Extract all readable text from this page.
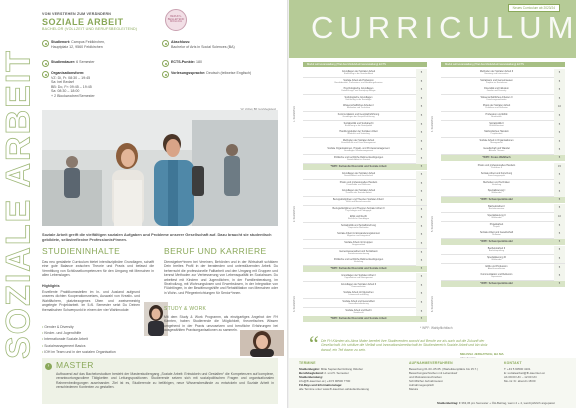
SOZIALE ARBEIT
VOM VERSTEHEN ZUM VERÄNDERN
SOZIALE ARBEIT
BACHELOR (VOLLZEIT UND BERUFSBEGLEITEND)
BERUFS-BEGLEITEND MÖGLICH
Studienort: Campus Feldkirchen, Hauptplatz 12, 9560 Feldkirchen
Studiendauer: 6 Semester
Organisationsform:
VZ: Di, Fr. 08:30 – 19:45
Sa: bei Bedarf
BB: Do, Fr: 09:45 – 19:45
Sa: 08:30 – 18:00
+ 2 Blockwochen/Semester
Abschluss:
Bachelor of Arts in Social Sciences (BA)
ECTS-Punkte: 180
Vorlesungssprache: Deutsch (teilweise Englisch)
VZ: Vollzeit, BB: berufsbegleitend
Soziale Arbeit greift die vielfältigen sozialen Aufgaben und Probleme unserer Gesellschaft auf. Dazu braucht sie studentisch gebildete, selbstreflexive Professionist*innen.
STUDIENINHALTE
Das neu gestaltete Curriculum bietet interdisziplinäre Grundlagen, schafft eine gute Balance zwischen Theorie und Praxis und befasst die Vermittlung von Schlüsselkompetenzen für den Umgang mit Menschen in allen Lebenslagen.
Highlights
Exzellente Praktikumsstellen im In- und Ausland aufgrund unseres dichten Kooperationsnetzes, Auswahl von Kreativ- und Wahlfächern, platzbezogenes Üben und zweisemestrig angelegte Projektarbeit. Im 5./6. Semester setzt Du Deinen thematischen Schwerpunkt in einem der vier Wahlmodule:
• Gender & Diversity
• Kinder- und Jugendhilfe
• Internationale Soziale Arbeit
• Sozialmanagement Basics
• IOH im Team und in der sozialen Organisation
BERUF UND KARRIERE
Dienstgeber*innen bei Vereinen, Behörden und in der Wirtschaft schätzen Dein breites Profil in der beratenden und unterstützenden Arbeit. Du beherrscht die professionelle Falltarbeit und den Umgang mit Gruppen und kennst Methoden zur Verbesserung von Lebensqualität im Sozialraum. Du arbeitest mit Kindern und Jugendlichen, in der Familienberatung, im Strafvollzug, mit Wohnungslosen und Erwerbslosen, in der Integration von Flüchtlingen, in der Bewährungshilfe und Rehabilitation von Menschen oder in Wohn- und Pflegeeinrichtungen für Senior*innen.
STUDY & WORK
Mit dem Study & Work Programm, als einzigartiges Angebot der FH Kärnten, haben Studierende die Möglichkeit, theoretisches Wissen umgehend in der Praxis umzusetzen und berufliche Erfahrungen bei ausgewählten Praxisorganisationen zu sammeln.
› MASTER
Aufbauend auf das Bachelorstudium besteht der Masterstudiengang „Soziale Arbeit: Entwickeln und Gestalten“ die Kompetenzen auf komplexe, verantwortungsvollere Tätigkeiten und Leitungspositionen. Studierende setzen sich mit sozialpolitischen Fragen und organisationalen Rahmenbedingungen auseinander. Ziel ist es, Studierende zu befähigen, neue Wissensbestände zu entwickeln und Soziale Arbeit in verschiedenen Kontexten zu gestalten.
Neues Curriculum ab 2023/24
CURRICULUM
Modul Lehrveranstaltung (Titel des Moduls/Lehrveranstaltung) ECTS	Modul Lehrveranstaltung (Titel des Moduls/Lehrveranstaltung) ECTS
Grundlagen der Sozialen Arbeit
Einführung in die Soziale Arbeit	5
Soziale Arbeit als Profession
Berufsidentität, Professions- und Handlungstheorien	5
Psychologische Grundlagen
Entwicklungs- und Sozialpsychologie	5
Soziologische Grundlagen
Einführung in die Soziologie	5
Wissenschaftliches Arbeiten I
Methoden und Techniken	5
Kommunikation und Gesprächsführung
Grundlagen der Gesprächsführung	5
Sozialpolitik und Sozialrecht
Einführung in die Sozialpolitik	5
Handlungsfelder der Sozialen Arbeit
Überblick und Vertiefung	5
Methoden der Sozialen Arbeit
Einzelfallhilfe und Case Management	5
Soziale Organisationen, Projekt- und Prozessmanagement
Grundlagen Sozialmanagement	5
Politische und rechtliche Rahmenbedingungen
Soziale Arbeit im Kontext	5
*WPF: Kulturelle Diversität und Soziale Arbeit	5
Grundlagen der Sozialen Arbeit
Soziale Arbeit und Gesellschaft	5
Praxis und professionelles Handeln
Praxisfelder und Reflexion	5
Grundlagen der Sozialen Arbeit
Theorien der Sozialen Arbeit	5
Bezugsdisziplinen und Theorien Sozialer Arbeit I
Ethik und Menschenrechte	5
Bezugsdisziplinen und Theorien Sozialer Arbeit II
Psychologie und Pädagogik	5
Ethik und Recht
Rechtliche Grundlagen	5
Sozialpolitik und Sozialforschung
Empirische Methoden	5
Soziale Arbeit im Einwanderungskontext
Migration und Integration	5
Soziale Arbeit mit Gruppen
Gruppenarbeit	5
Gemeinwesenarbeit und Sozialraum
Sozialraumorientierung	5
Politische und rechtliche Rahmenbedingungen
Vertiefung	5
*WPF: Kulturelle Diversität und Soziale Arbeit	5
Grundlagen der Sozialen Arbeit I
Organisation und Management	5
Grundlagen der Sozialen Arbeit II
Kommunikation	5
Soziale Arbeit mit Menschen
Lebenswelt und Alltag	5
Soziale Arbeit und Gesundheit
Gesundheitsförderung	5
Soziale Arbeit und Recht
Sozialrecht	5
*WPF: Kulturelle Diversität und Soziale Arbeit	5
Methoden der Sozialen Arbeit II
Beratung und Intervention	5
Sozialraum und Gemeinwesen
Projekte im Sozialraum	5
Diversität und Inklusion
Gender und Diversity	5
Wissenschaftliches Arbeiten II
Forschungsmethoden	5
Praxis der Sozialen Arbeit
Praktikum und Reflexion	10
Profession und Ethik
Berufsethik	5
Sozialpolitik II
Wohlfahrtsstaat	5
Methodisches Handeln
Projektarbeit	5
Soziale Arbeit in Organisationen
Management	5
Gesellschaft und Wandel
Aktuelle Themen	5
*WPF: Freies Wahlfach	5
Praxis und professionelles Handeln
Praktikum II	15
Soziale Arbeit und Forschung
Forschungsprojekt	5
Methoden und Techniken
Vertiefung	5
Spezialisierung I
Wahlmodul	5
*WPF: Schwerpunktmodul	5
Bachelorarbeit I
Bachelorseminar	5
Spezialisierung II
Wahlmodul	10
Projektarbeit
Projekt	5
Soziale Arbeit und Gesellschaft
Reflexion	5
*WPF: Schwerpunktmodul	5
Bachelorarbeit II
Bachelorprüfung	5
Spezialisierung III
Wahlmodul	5
Ethik und Profession
Abschlussreflexion	5
Kommunikation und Reflexion
Supervision	5
*WPF: Schwerpunktmodul	5
1. SEMESTER
2. SEMESTER
3. SEMESTER
4. SEMESTER
5. SEMESTER
6. SEMESTER
* WPF: Wahlpflichtfach
“ Die FH Kärnten als Alma Mater bereitet ihre Studierenden sowohl auf Berufe vor als auch auf die Zukunft der Gesellschaft. Ich schätze die Vielfalt und Innovationsbereitschaft im Studienbereich Soziale Arbeit und bin stolz darauf, ein Teil davon zu sein.
MELISSA JERGATSCH, BA MA
TERMINE
Studienbeginn: Mitte September/Anfang Oktober
Berufsbegleitend: 2. und 5. Semester
Studienberatung:
info@fh-kaernten.at | +43 5 90500 7700
FH-Days und Informationstage:
alle Termine unter www.fh-kaernten.at/studienberatung
AUFNAHMEVERFAHREN
Bewerbung 01.03.-05.05. (Wartelistenplätze bis 15.7.)
Bewerbungsschreiben mit Lebenslauf
und Motivationsschreiben
Schriftlicher Aufnahmetest
Aufnahmegespräch
Matura
KONTAKT
T: +43 5 90500 4101
E: sozialearbeit@fh-kaernten.at
Ab 09:00 Uhr – 12:00 Uhr
Mo-mi: Fr. abendn 18:00
Studienbeitrag: € 363,36 pro Semester + ÖH-Beitrag, wenn 2 + 4, werdt jährlich angepasst
